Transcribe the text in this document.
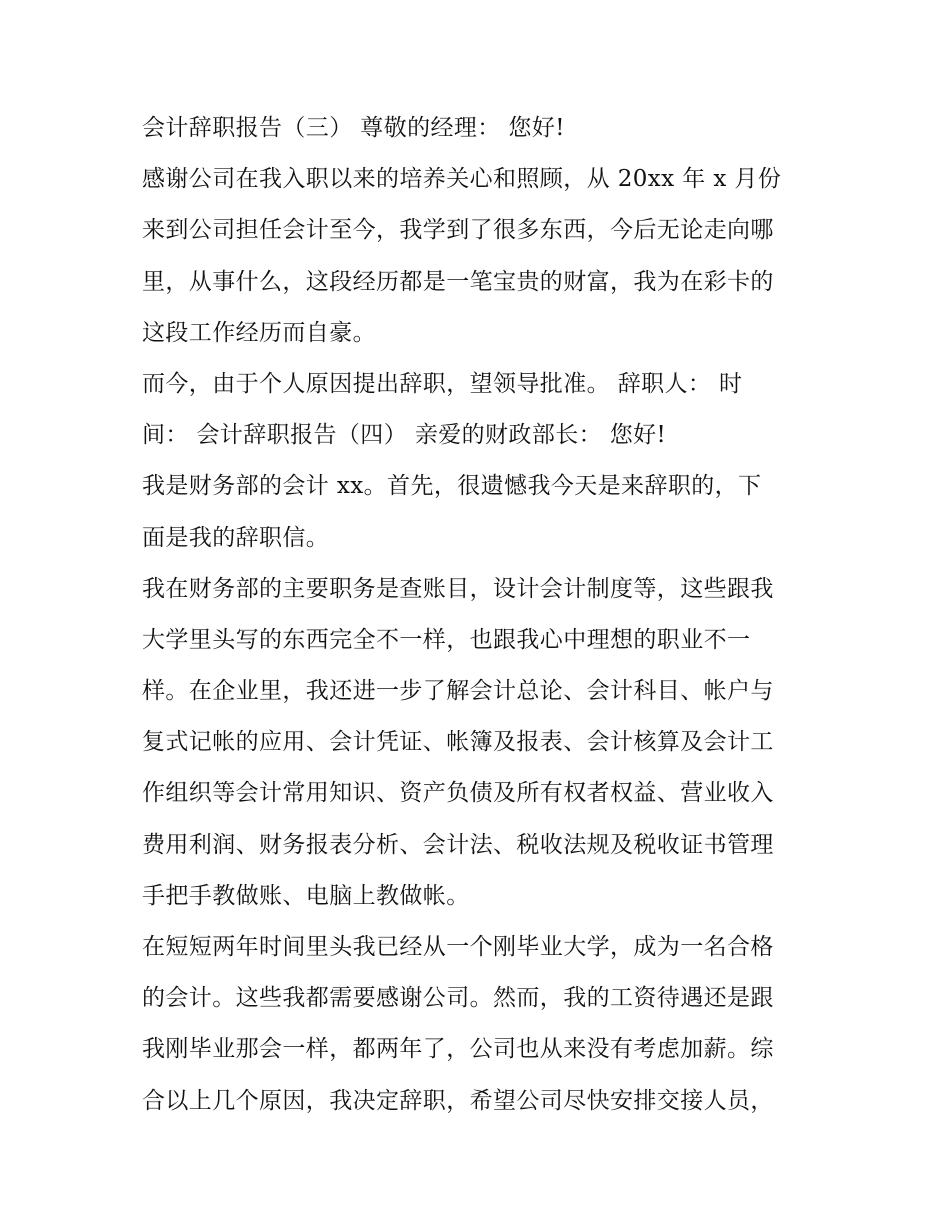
会计辞职报告（三） 尊敬的经理： 您好!
感谢公司在我入职以来的培养关心和照顾，从 20xx 年 x 月份
来到公司担任会计至今，我学到了很多东西，今后无论走向哪
里，从事什么，这段经历都是一笔宝贵的财富，我为在彩卡的
这段工作经历而自豪。
而今，由于个人原因提出辞职，望领导批准。 辞职人： 时
间： 会计辞职报告（四） 亲爱的财政部长： 您好!
我是财务部的会计 xx。首先，很遗憾我今天是来辞职的，下
面是我的辞职信。
我在财务部的主要职务是查账目，设计会计制度等，这些跟我
大学里头写的东西完全不一样，也跟我心中理想的职业不一
样。在企业里，我还进一步了解会计总论、会计科目、帐户与
复式记帐的应用、会计凭证、帐簿及报表、会计核算及会计工
作组织等会计常用知识、资产负债及所有权者权益、营业收入
费用利润、财务报表分析、会计法、税收法规及税收证书管理
手把手教做账、电脑上教做帐。
在短短两年时间里头我已经从一个刚毕业大学，成为一名合格
的会计。这些我都需要感谢公司。然而，我的工资待遇还是跟
我刚毕业那会一样，都两年了，公司也从来没有考虑加薪。综
合以上几个原因，我决定辞职，希望公司尽快安排交接人员，
